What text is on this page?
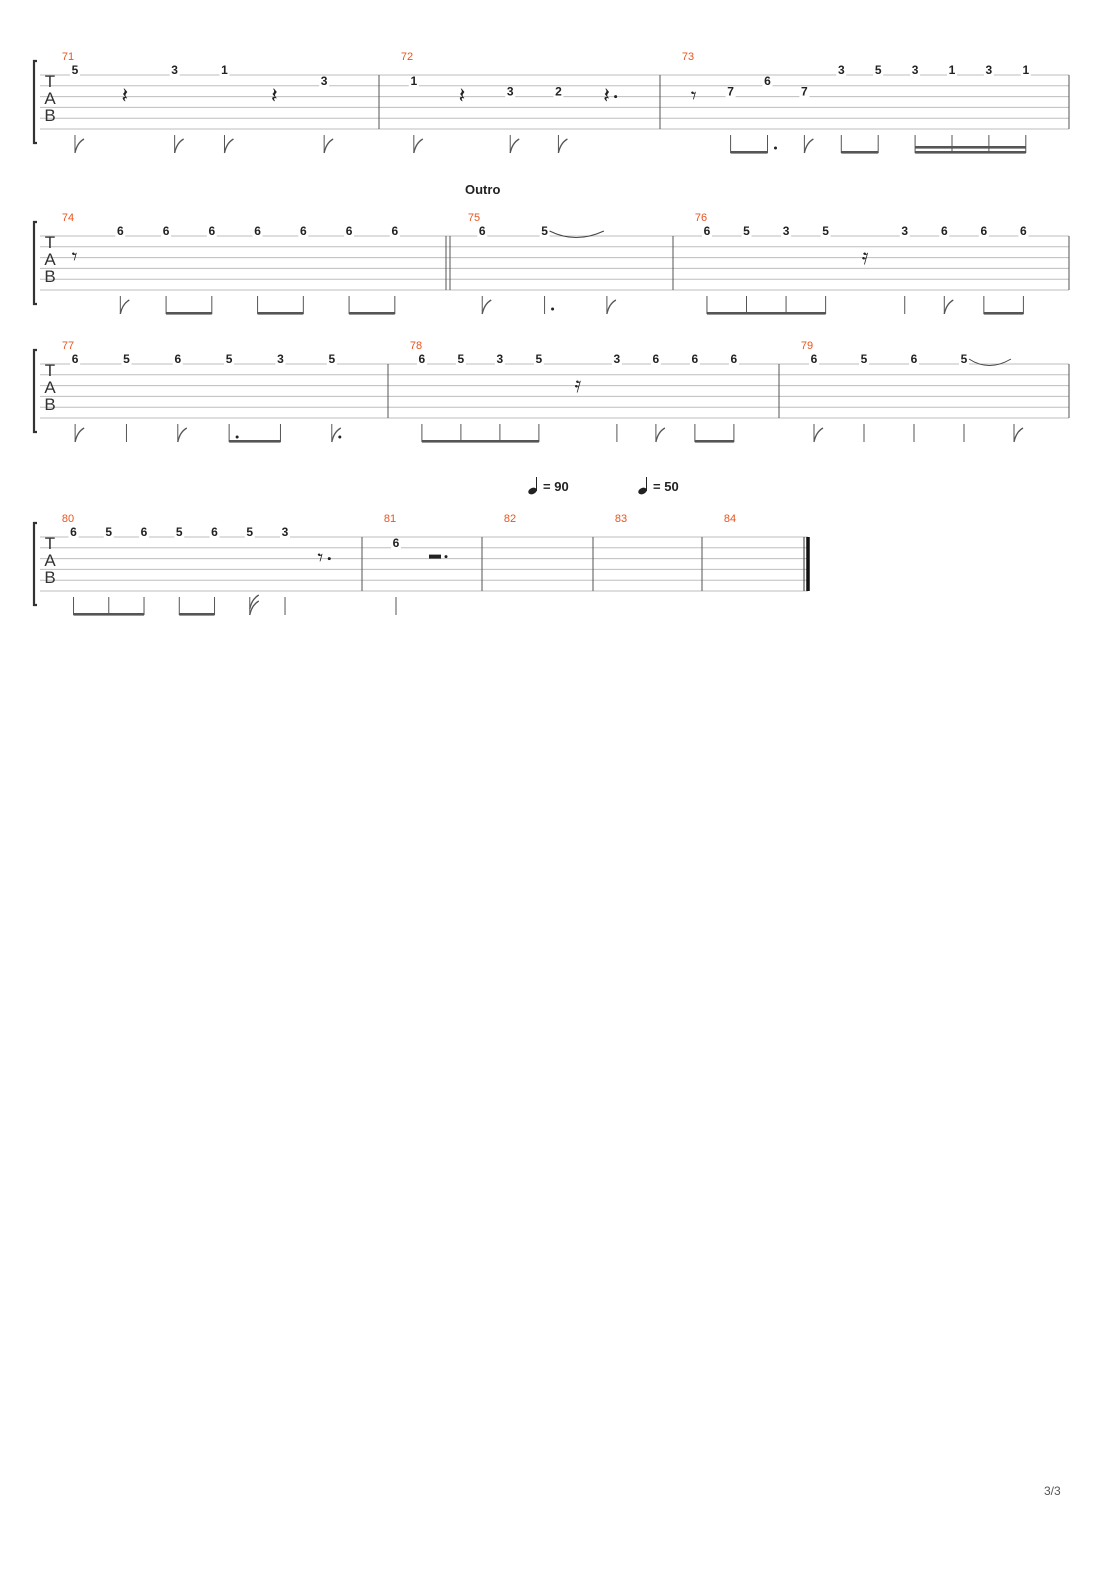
T
A
B
71
5
𝄽
3	1
𝄽
3
72
1
𝄽	3	2 𝄽
73
𝄾	7
6
7
3	5	3	1	3	1
T
A
B
74
𝄾
6	6	6	6	6	6	6
75
6	5
76
6	5	3	5
𝄿
3	6	6	6
T
A
B
77
6	5	6	5	3	5
78
6	5	3	5
𝄿
3	6	6	6
79
6	5	6	5
T
A
B
80
6 5 6 5 6 5 3
𝄾
81
6
82	83	84
Outro
= 90	= 50
3/3
